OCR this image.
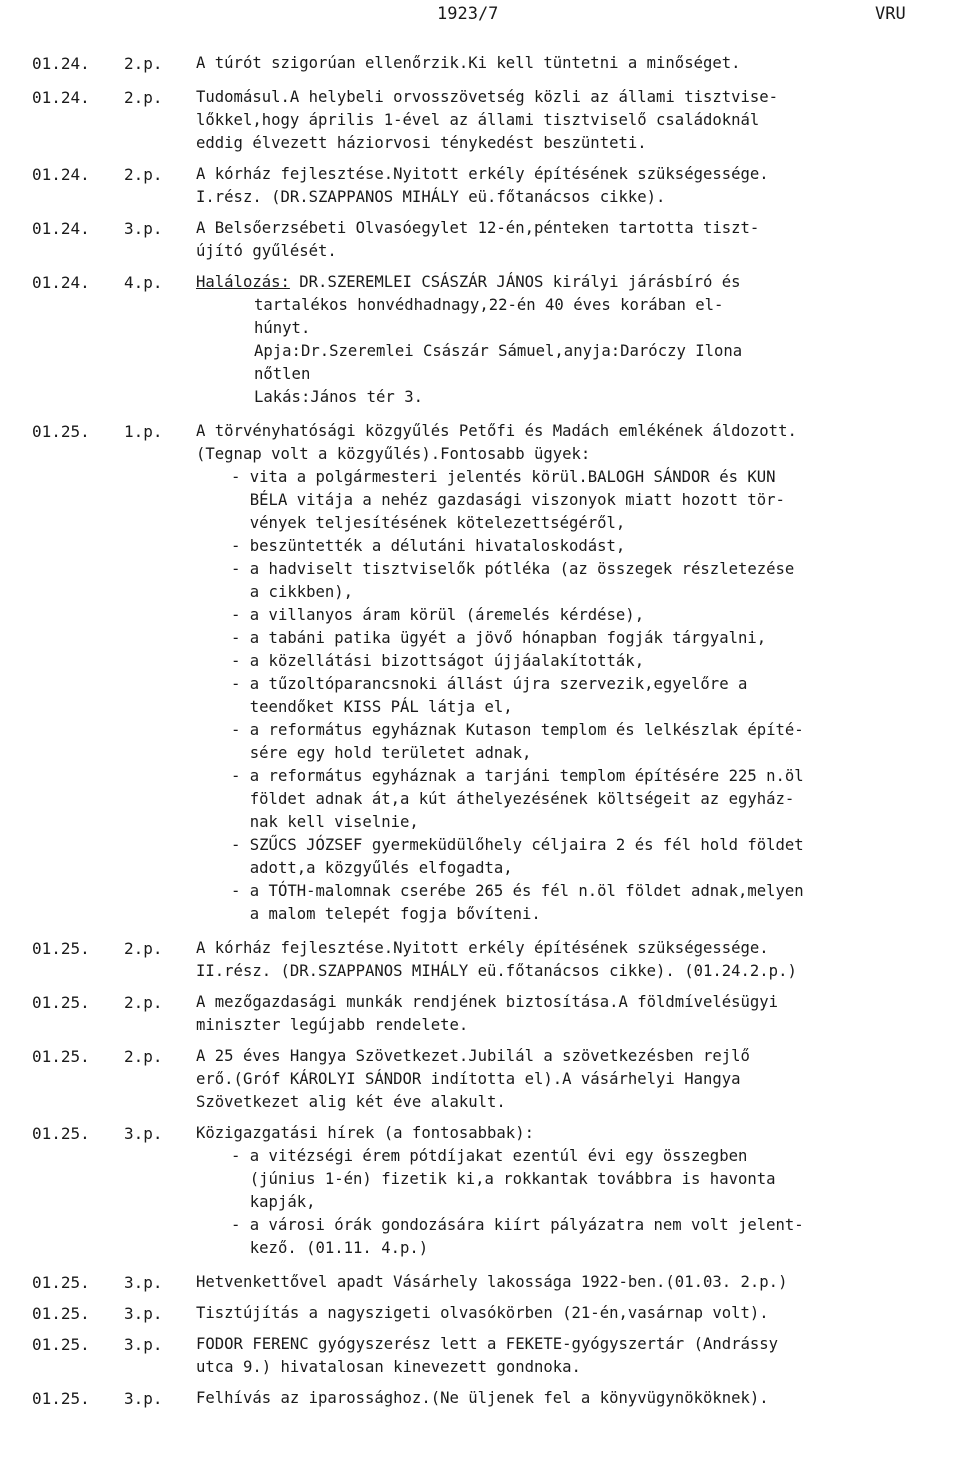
1923/7	VRU
01.24. 2.p. A túrót szigorúan ellenőrzik.Ki kell tüntetni a minőséget.
01.24. 2.p. Tudomásul.A helybeli orvosszövetség közli az állami tisztvise-
lőkkel,hogy április 1-ével az állami tisztviselő családoknál
eddig élvezett háziorvosi ténykedést beszünteti.
01.24. 2.p. A kórház fejlesztése.Nyitott erkély építésének szükségessége.
I.rész. (DR.SZAPPANOS MIHÁLY eü.főtanácsos cikke).
01.24. 3.p. A Belsőerzsébeti Olvasóegylet 12-én,pénteken tartotta tiszt-
újító gyűlését.
01.24. 4.p. Halálozás: DR.SZEREMLEI CSÁSZÁR JÁNOS királyi járásbíró és
tartalékos honvédhadnagy,22-én 40 éves korában el-
húnyt.
Apja:Dr.Szeremlei Császár Sámuel,anyja:Daróczy Ilona
nőtlen
Lakás:János tér 3.
01.25. 1.p. A törvényhatósági közgyűlés Petőfi és Madách emlékének áldozott.
(Tegnap volt a közgyűlés).Fontosabb ügyek:
- vita a polgármesteri jelentés körül.BALOGH SÁNDOR és KUN
BÉLA vitája a nehéz gazdasági viszonyok miatt hozott tör-
vények teljesítésének kötelezettségéről,
- beszüntették a délutáni hivataloskodást,
- a hadviselt tisztviselők pótléka (az összegek részletezése
a cikkben),
- a villanyos áram körül (áremelés kérdése),
- a tabáni patika ügyét a jövő hónapban fogják tárgyalni,
- a közellátási bizottságot újjáalakították,
- a tűzoltóparancsnoki állást újra szervezik,egyelőre a
teendőket KISS PÁL látja el,
- a református egyháznak Kutason templom és lelkészlak építé-
sére egy hold területet adnak,
- a református egyháznak a tarjáni templom építésére 225 n.öl
földet adnak át,a kút áthelyezésének költségeit az egyház-
nak kell viselnie,
- SZŰCS JÓZSEF gyermeküdülőhely céljaira 2 és fél hold földet
adott,a közgyűlés elfogadta,
- a TÓTH-malomnak cserébe 265 és fél n.öl földet adnak,melyen
a malom telepét fogja bővíteni.
01.25. 2.p. A kórház fejlesztése.Nyitott erkély építésének szükségessége.
II.rész. (DR.SZAPPANOS MIHÁLY eü.főtanácsos cikke). (01.24.2.p.)
01.25. 2.p. A mezőgazdasági munkák rendjének biztosítása.A földmívelésügyi
miniszter legújabb rendelete.
01.25. 2.p. A 25 éves Hangya Szövetkezet.Jubilál a szövetkezésben rejlő
erő.(Gróf KÁROLYI SÁNDOR indította el).A vásárhelyi Hangya
Szövetkezet alig két éve alakult.
01.25. 3.p. Közigazgatási hírek (a fontosabbak):
- a vitézségi érem pótdíjakat ezentúl évi egy összegben
(június 1-én) fizetik ki,a rokkantak továbbra is havonta
kapják,
- a városi órák gondozására kiírt pályázatra nem volt jelent-
kező. (01.11. 4.p.)
01.25. 3.p. Hetvenkettővel apadt Vásárhely lakossága 1922-ben.(01.03. 2.p.)
01.25. 3.p. Tisztújítás a nagyszigeti olvasókörben (21-én,vasárnap volt).
01.25. 3.p. FODOR FERENC gyógyszerész lett a FEKETE-gyógyszertár (Andrássy
utca 9.) hivatalosan kinevezett gondnoka.
01.25. 3.p. Felhívás az iparossághoz.(Ne üljenek fel a könyvügynököknek).
